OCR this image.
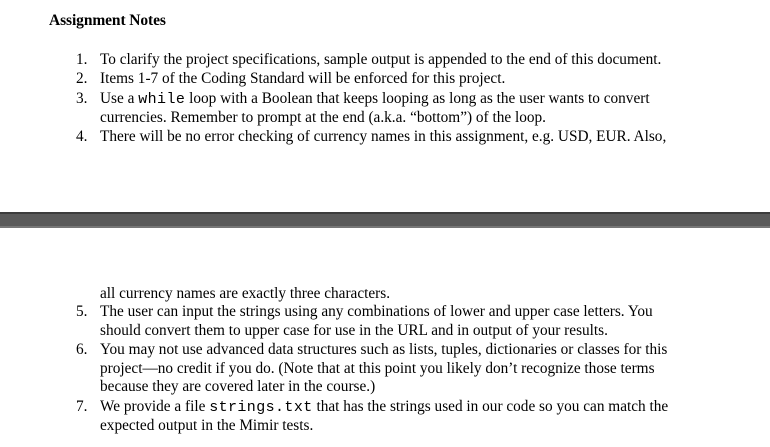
Assignment Notes
1. To clarify the project specifications, sample output is appended to the end of this document.
2. Items 1-7 of the Coding Standard will be enforced for this project.
3. Use a while loop with a Boolean that keeps looping as long as the user wants to convert
currencies. Remember to prompt at the end (a.k.a. “bottom”) of the loop.
4. There will be no error checking of currency names in this assignment, e.g. USD, EUR. Also,
all currency names are exactly three characters.
5. The user can input the strings using any combinations of lower and upper case letters. You
should convert them to upper case for use in the URL and in output of your results.
6. You may not use advanced data structures such as lists, tuples, dictionaries or classes for this
project—no credit if you do. (Note that at this point you likely don’t recognize those terms
because they are covered later in the course.)
7. We provide a file strings.txt that has the strings used in our code so you can match the
expected output in the Mimir tests.
